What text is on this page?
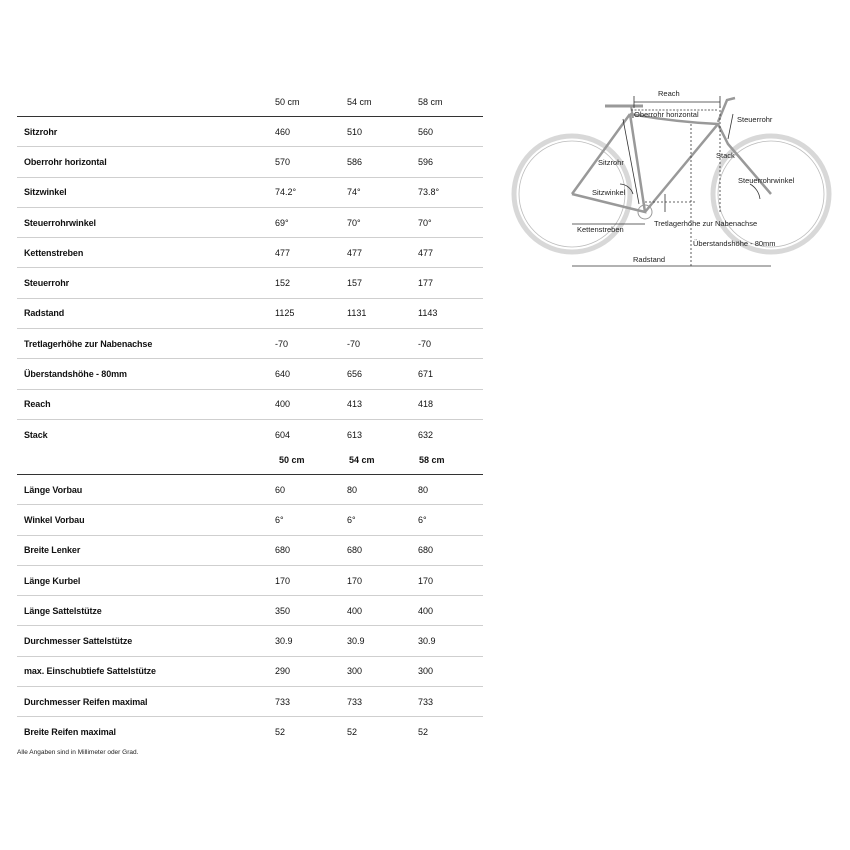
50 cm	54 cm	58 cm
Sitzrohr	460	510	560
Oberrohr horizontal	570	586	596
Sitzwinkel	74.2°	74°	73.8°
Steuerrohrwinkel	69°	70°	70°
Kettenstreben	477	477	477
Steuerrohr	152	157	177
Radstand	1125	1131	1143
Tretlagerhöhe zur Nabenachse	-70	-70	-70
Überstandshöhe - 80mm	640	656	671
Reach	400	413	418
Stack	604	613	632
50 cm	54 cm	58 cm
Länge Vorbau	60	80	80
Winkel Vorbau	6°	6°	6°
Breite Lenker	680	680	680
Länge Kurbel	170	170	170
Länge Sattelstütze	350	400	400
Durchmesser Sattelstütze	30.9	30.9	30.9
max. Einschubtiefe Sattelstütze	290	300	300
Durchmesser Reifen maximal	733	733	733
Breite Reifen maximal	52	52	52
Alle Angaben sind in Millimeter oder Grad.
Reach
Oberrohr horizontal
Steuerrohr
Stack
Sitzrohr
Steuerrohrwinkel
Sitzwinkel
Tretlagerhöhe zur Nabenachse
Kettenstreben
Überstandshöhe - 80mm
Radstand
